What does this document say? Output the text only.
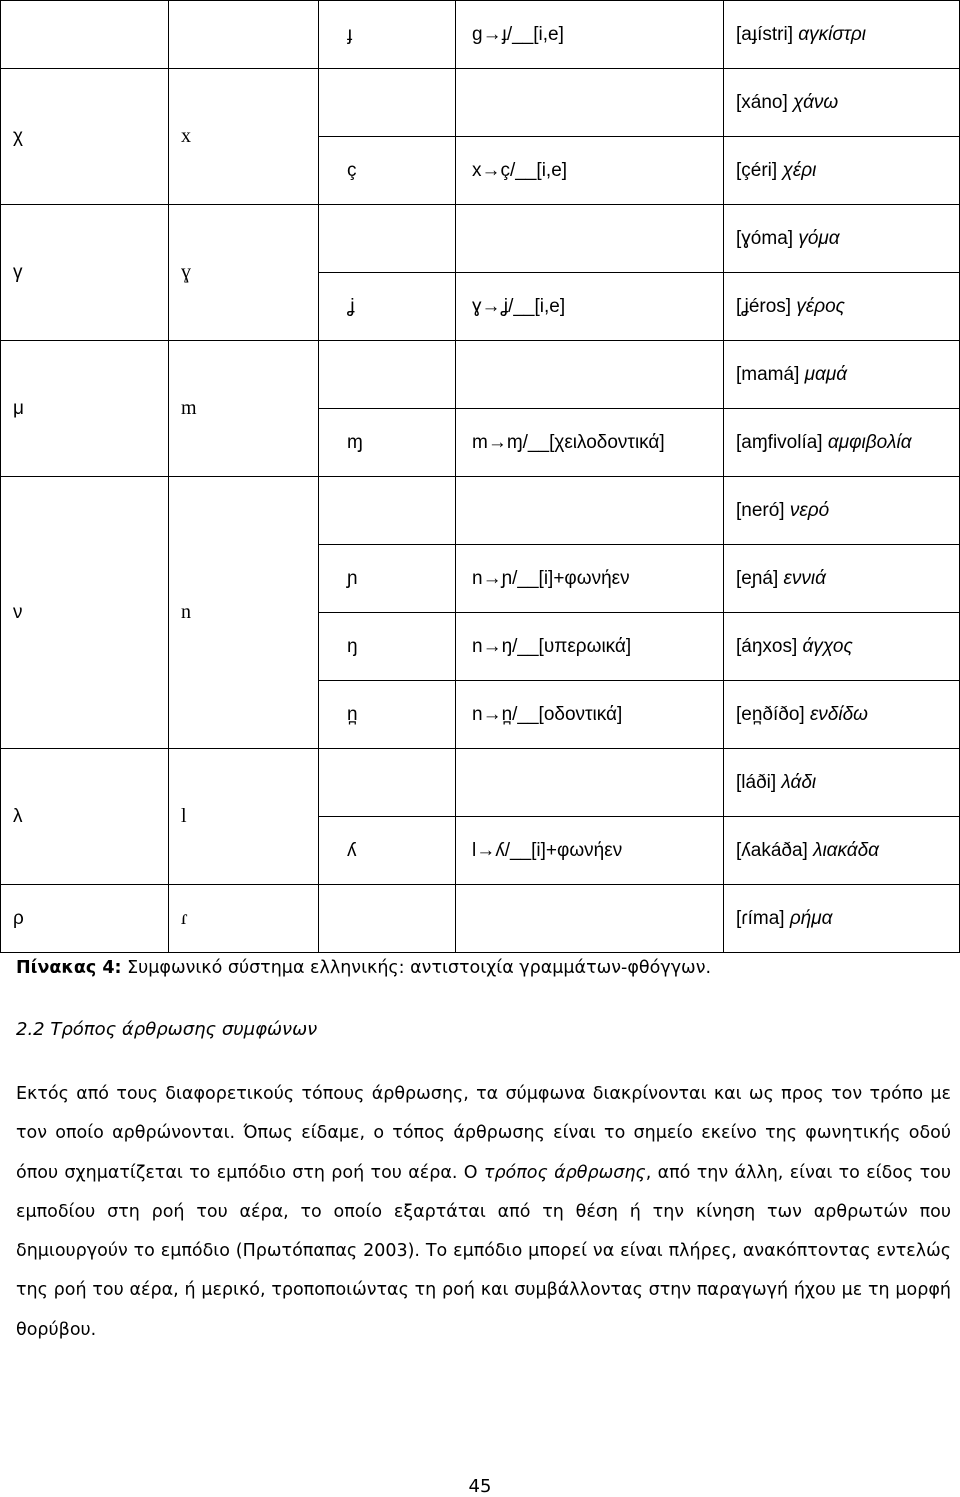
		ɟ	g→ɟ/__[i,e]	[aɟístri] αγκίστρι
χ	x			[xáno] χάνω
		ç	x→ç/__[i,e]	[çéri] χέρι
γ	ɣ			[ɣóma] γόμα
		ʝ	ɣ→ʝ/__[i,e]	[ʝéros] γέρος
μ	m			[mamá] μαμά
		ɱ	m→ɱ/__[χειλοδοντικά]	[aɱfivolía] αμφιβολία
ν	n			[neró] νερό
		ɲ	n→ɲ/__[i]+φωνήεν	[eɲá] εννιά
		ŋ	n→ŋ/__[υπερωικά]	[áŋxos] άγχος
		n̪	n→n̪/__[οδοντικά]	[en̪ðíðo] ενδίδω
λ	l			[láði] λάδι
		ʎ	l→ʎ/__[i]+φωνήεν	[ʎakáða] λιακάδα
ρ	ɾ			[ɾíma] ρήμα
Πίνακας 4: Συμφωνικό σύστημα ελληνικής: αντιστοιχία γραμμάτων-φθόγγων.
2.2 Τρόπος άρθρωσης συμφώνων
Εκτός από τους διαφορετικούς τόπους άρθρωσης, τα σύμφωνα διακρίνονται και ως προς τον τρόπο με τον οποίο αρθρώνονται. Όπως είδαμε, ο τόπος άρθρωσης είναι το σημείο εκείνο της φωνητικής οδού όπου σχηματίζεται το εμπόδιο στη ροή του αέρα. Ο τρόπος άρθρωσης, από την άλλη, είναι το είδος του εμποδίου στη ροή του αέρα, το οποίο εξαρτάται από τη θέση ή την κίνηση των αρθρωτών που δημιουργούν το εμπόδιο (Πρωτόπαπας 2003). Το εμπόδιο μπορεί να είναι πλήρες, ανακόπτοντας εντελώς της ροή του αέρα, ή μερικό, τροποποιώντας τη ροή και συμβάλλοντας στην παραγωγή ήχου με τη μορφή θορύβου.
45
